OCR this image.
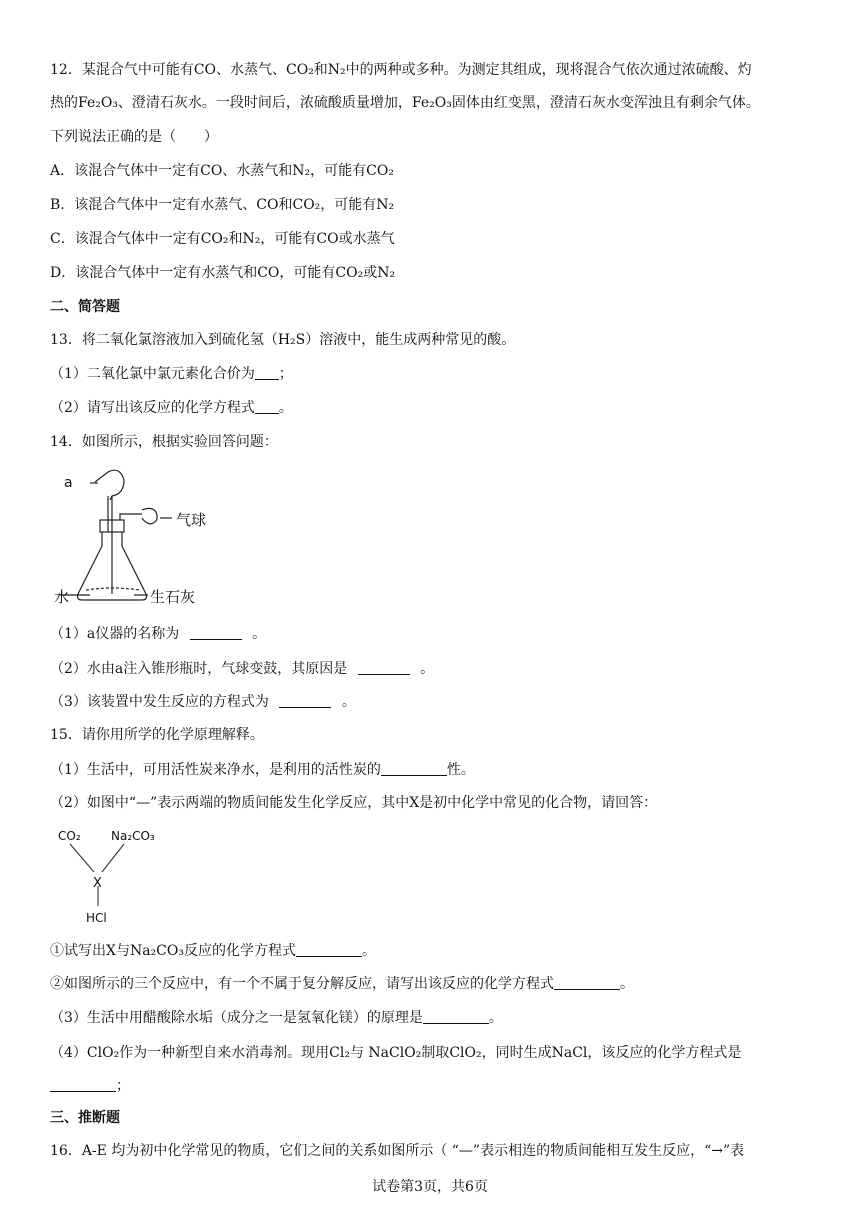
12．某混合气中可能有CO、水蒸气、CO₂和N₂中的两种或多种。为测定其组成，现将混合气依次通过浓硫酸、灼
热的Fe₂O₃、澄清石灰水。一段时间后，浓硫酸质量增加，Fe₂O₃固体由红变黑，澄清石灰水变浑浊且有剩余气体。
下列说法正确的是（　　）
A．该混合气体中一定有CO、水蒸气和N₂，可能有CO₂
B．该混合气体中一定有水蒸气、CO和CO₂，可能有N₂
C．该混合气体中一定有CO₂和N₂，可能有CO或水蒸气
D．该混合气体中一定有水蒸气和CO，可能有CO₂或N₂
二、简答题
13．将二氧化氯溶液加入到硫化氢（H₂S）溶液中，能生成两种常见的酸。
（1）二氧化氯中氯元素化合价为 ；
（2）请写出该反应的化学方程式 。
14．如图所示，根据实验回答问题：
a
气球
水	生石灰
（1）a仪器的名称为	。
（2）水由a注入锥形瓶时，气球变鼓，其原因是	。
（3）该装置中发生反应的方程式为	。
15．请你用所学的化学原理解释。
（1）生活中，可用活性炭来净水，是利用的活性炭的	性。
（2）如图中“—”表示两端的物质间能发生化学反应，其中X是初中化学中常见的化合物，请回答：
CO₂	Na₂CO₃
X
HCl
①试写出X与Na₂CO₃反应的化学方程式	。
②如图所示的三个反应中，有一个不属于复分解反应，请写出该反应的化学方程式	。
（3）生活中用醋酸除水垢（成分之一是氢氧化镁）的原理是	。
（4）ClO₂作为一种新型自来水消毒剂。现用Cl₂与 NaClO₂制取ClO₂，同时生成NaCl，该反应的化学方程式是
；
三、推断题
16．A-E 均为初中化学常见的物质，它们之间的关系如图所示（ “—”表示相连的物质间能相互发生反应，“→”表
试卷第3页，共6页
